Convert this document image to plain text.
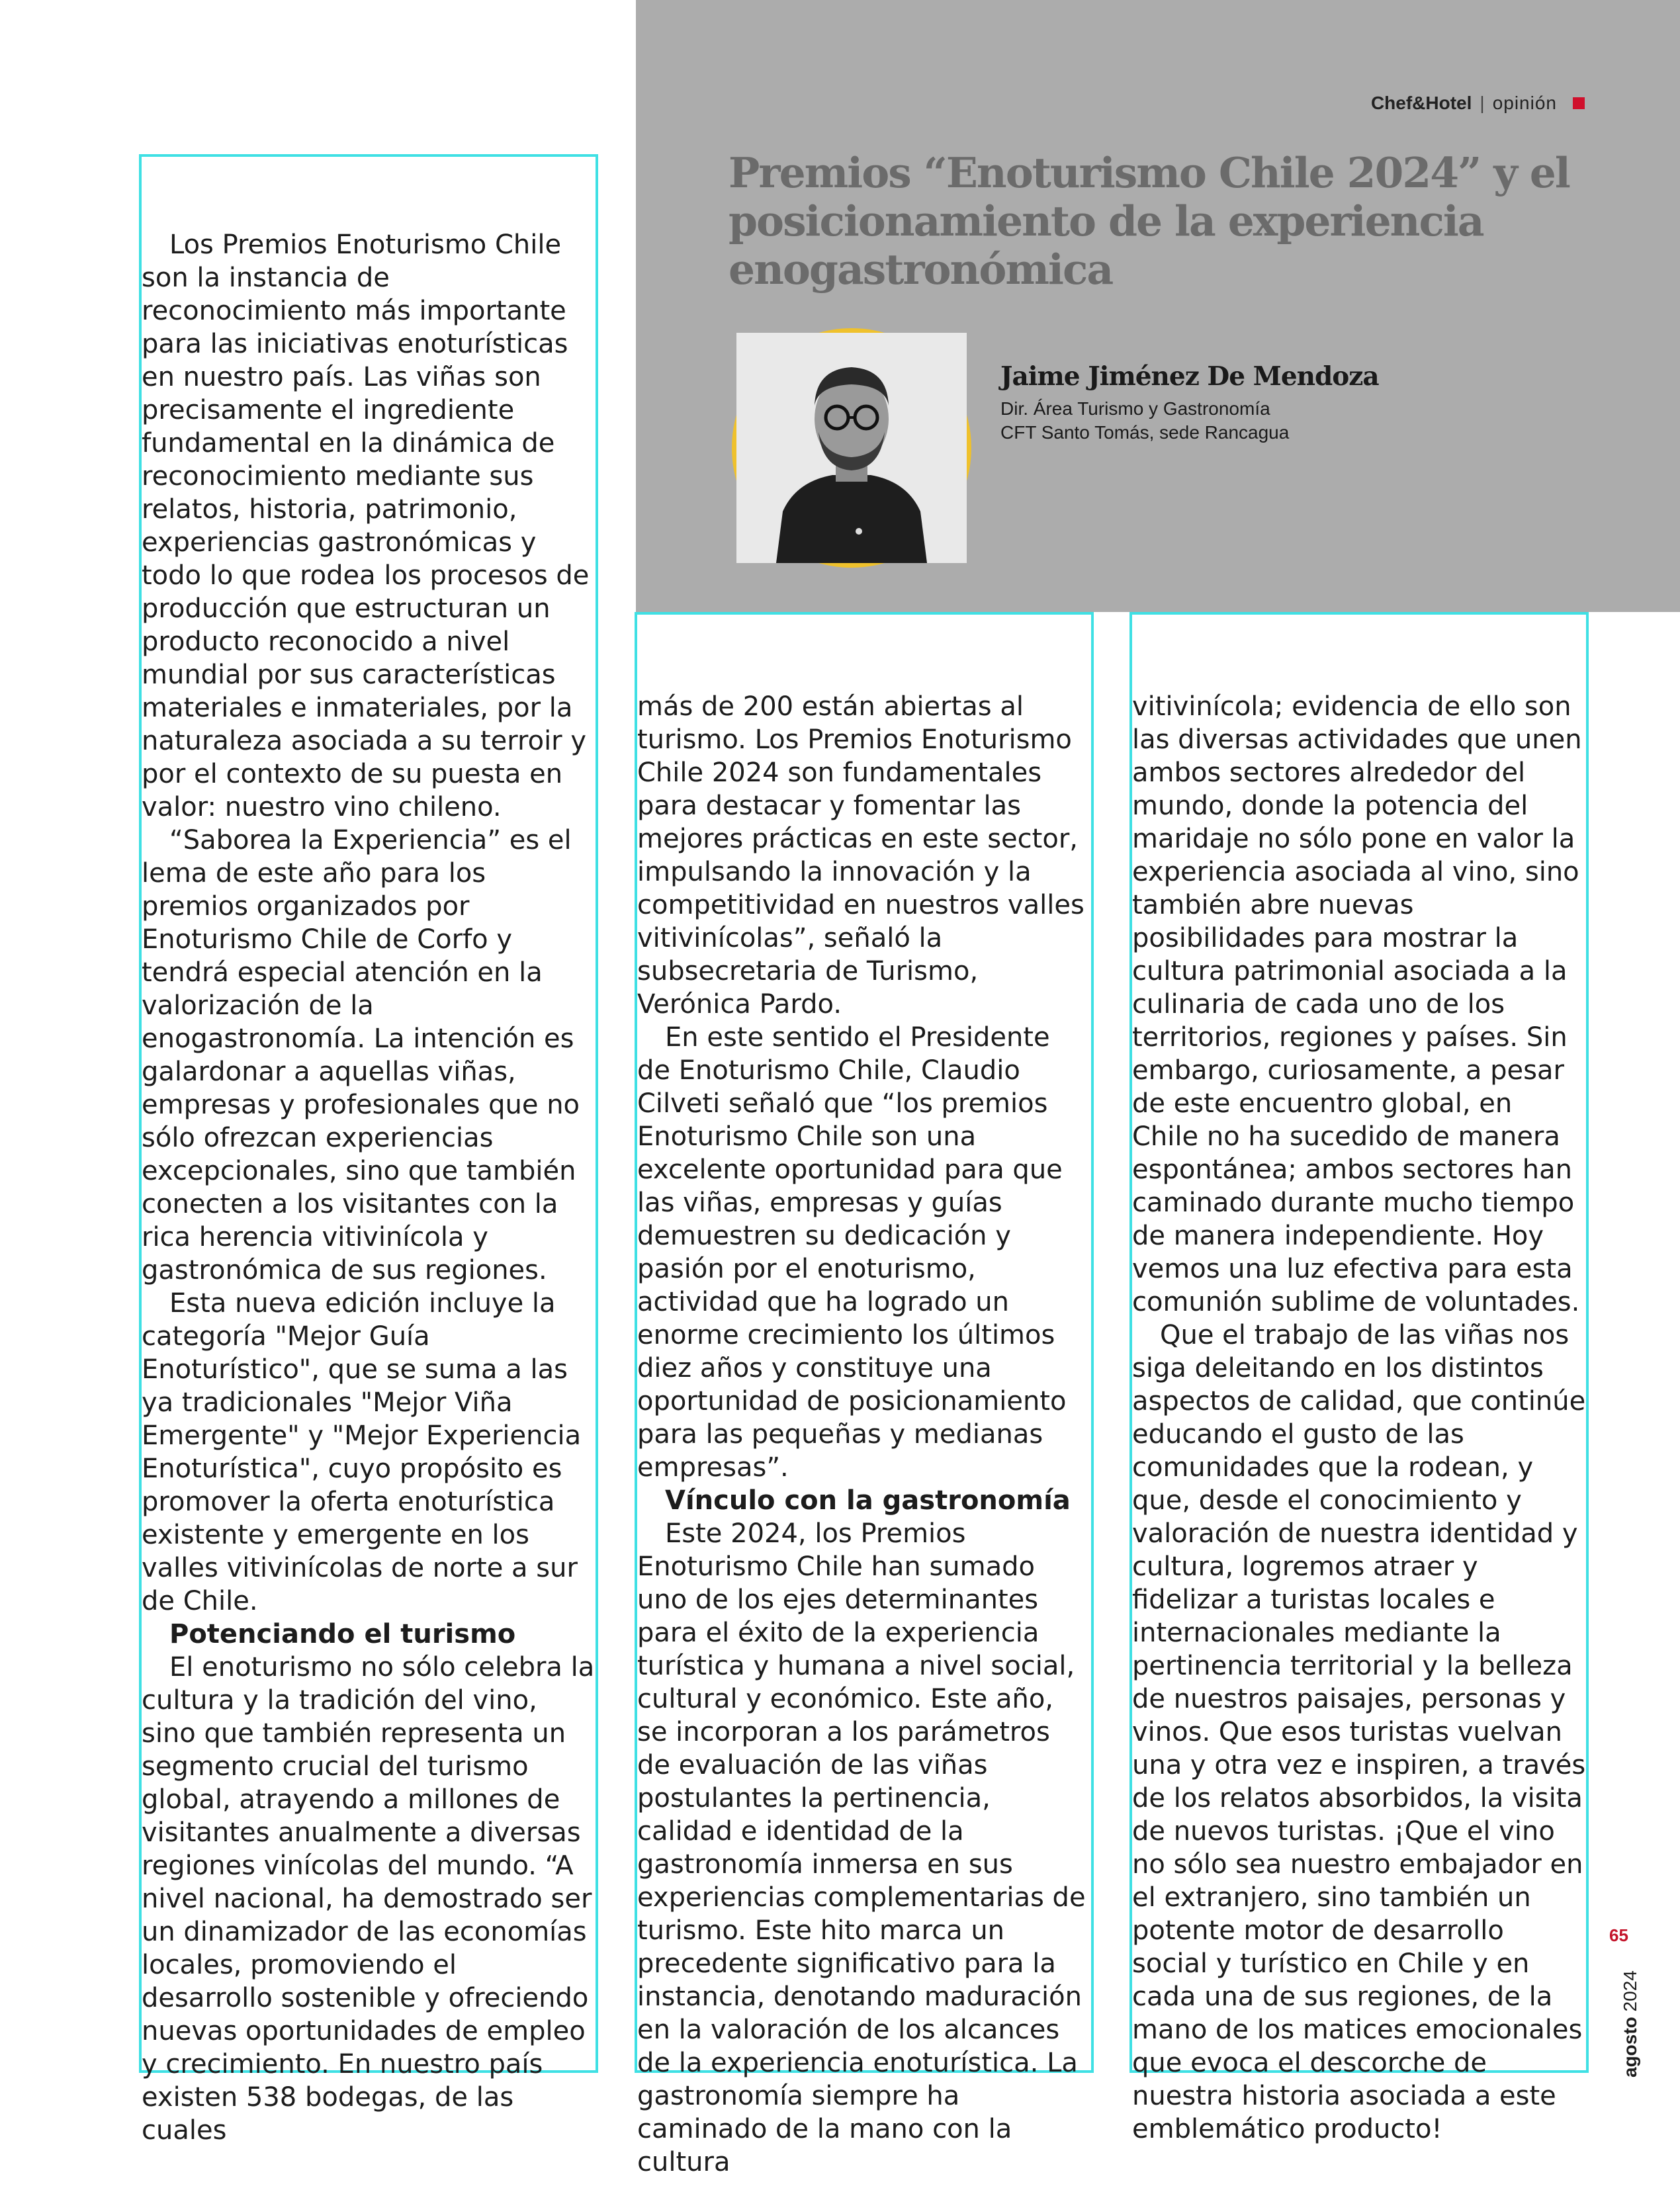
Chef&Hotel | opinión
Premios “Enoturismo Chile 2024” y el posicionamiento de la experiencia enogastronómica
Jaime Jiménez De Mendoza
Dir. Área Turismo y Gastronomía
CFT Santo Tomás, sede Rancagua

Los Premios Enoturismo Chile son la instancia de reconocimiento más importante para las iniciativas enoturísticas en nuestro país. Las viñas son precisamente el ingrediente fundamental en la dinámica de reconocimiento mediante sus relatos, historia, patrimonio, experiencias gastronómicas y todo lo que rodea los procesos de producción que estructuran un producto reconocido a nivel mundial por sus características materiales e inmateriales, por la naturaleza asociada a su terroir y por el contexto de su puesta en valor: nuestro vino chileno.

“Saborea la Experiencia” es el lema de este año para los premios organizados por Enoturismo Chile de Corfo y tendrá especial atención en la valorización de la enogastronomía. La intención es galardonar a aquellas viñas, empresas y profesionales que no sólo ofrezcan experiencias excepcionales, sino que también conecten a los visitantes con la rica herencia vitivinícola y gastronómica de sus regiones.

Esta nueva edición incluye la categoría "Mejor Guía Enoturístico", que se suma a las ya tradicionales "Mejor Viña Emergente" y "Mejor Experiencia Enoturística", cuyo propósito es promover la oferta enoturística existente y emergente en los valles vitivinícolas de norte a sur de Chile.

Potenciando el turismo

El enoturismo no sólo celebra la cultura y la tradición del vino, sino que también representa un segmento crucial del turismo global, atrayendo a millones de visitantes anualmente a diversas regiones vinícolas del mundo. “A nivel nacional, ha demostrado ser un dinamizador de las economías locales, promoviendo el desarrollo sostenible y ofreciendo nuevas oportunidades de empleo y crecimiento. En nuestro país existen 538 bodegas, de las cuales

más de 200 están abiertas al turismo. Los Premios Enoturismo Chile 2024 son fundamentales para destacar y fomentar las mejores prácticas en este sector, impulsando la innovación y la competitividad en nuestros valles vitivinícolas”, señaló la subsecretaria de Turismo, Verónica Pardo.

En este sentido el Presidente de Enoturismo Chile, Claudio Cilveti señaló que “los premios Enoturismo Chile son una excelente oportunidad para que las viñas, empresas y guías demuestren su dedicación y pasión por el enoturismo, actividad que ha logrado un enorme crecimiento los últimos diez años y constituye una oportunidad de posicionamiento para las pequeñas y medianas empresas”.

Vínculo con la gastronomía

Este 2024, los Premios Enoturismo Chile han sumado uno de los ejes determinantes para el éxito de la experiencia turística y humana a nivel social, cultural y económico. Este año, se incorporan a los parámetros de evaluación de las viñas postulantes la pertinencia, calidad e identidad de la gastronomía inmersa en sus experiencias complementarias de turismo. Este hito marca un precedente significativo para la instancia, denotando maduración en la valoración de los alcances de la experiencia enoturística. La gastronomía siempre ha caminado de la mano con la cultura

vitivinícola; evidencia de ello son las diversas actividades que unen ambos sectores alrededor del mundo, donde la potencia del maridaje no sólo pone en valor la experiencia asociada al vino, sino también abre nuevas posibilidades para mostrar la cultura patrimonial asociada a la culinaria de cada uno de los territorios, regiones y países. Sin embargo, curiosamente, a pesar de este encuentro global, en Chile no ha sucedido de manera espontánea; ambos sectores han caminado durante mucho tiempo de manera independiente. Hoy vemos una luz efectiva para esta comunión sublime de voluntades.

Que el trabajo de las viñas nos siga deleitando en los distintos aspectos de calidad, que continúe educando el gusto de las comunidades que la rodean, y que, desde el conocimiento y valoración de nuestra identidad y cultura, logremos atraer y fidelizar a turistas locales e internacionales mediante la pertinencia territorial y la belleza de nuestros paisajes, personas y vinos. Que esos turistas vuelvan una y otra vez e inspiren, a través de los relatos absorbidos, la visita de nuevos turistas. ¡Que el vino no sólo sea nuestro embajador en el extranjero, sino también un potente motor de desarrollo social y turístico en Chile y en cada una de sus regiones, de la mano de los matices emocionales que evoca el descorche de nuestra historia asociada a este emblemático producto!

65
agosto 2024
